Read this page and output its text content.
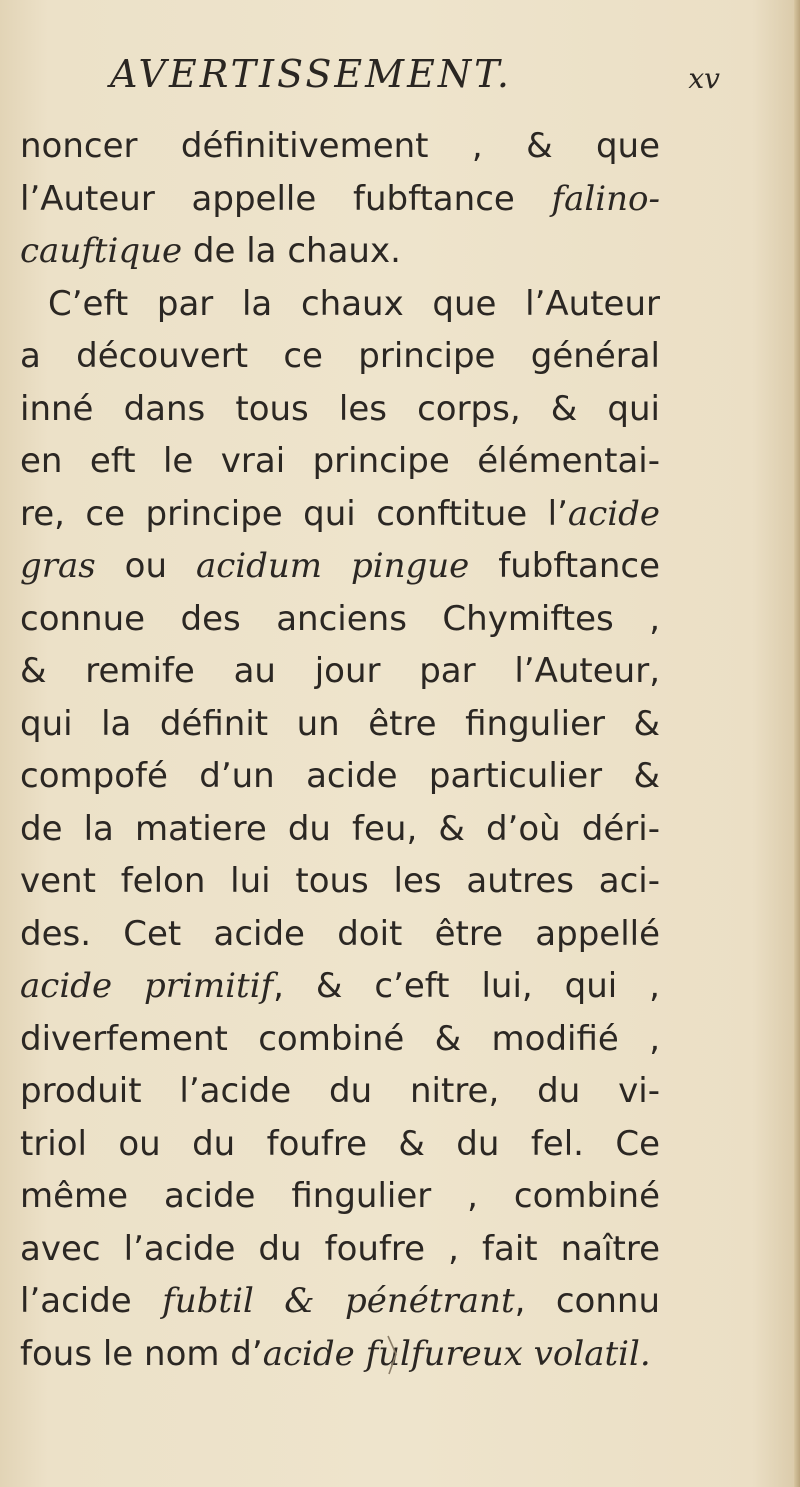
AVERTISSEMENT.	xv
noncer définitivement , & que
l’Auteur appelle fubftance falino-
cauftique de la chaux.
C’eft par la chaux que l’Auteur
a découvert ce principe général
inné dans tous les corps, & qui
en eft le vrai principe élémentai-
re, ce principe qui conftitue l’acide
gras ou acidum pingue fubftance
connue des anciens Chymiftes ,
& remife au jour par l’Auteur,
qui la définit un être fingulier &
compofé d’un acide particulier &
de la matiere du feu, & d’où déri-
vent felon lui tous les autres aci-
des. Cet acide doit être appellé
acide primitif, & c’eft lui, qui ,
diverfement combiné & modifié ,
produit l’acide du nitre, du vi-
triol ou du foufre & du fel. Ce
même acide fingulier , combiné
avec l’acide du foufre , fait naître
l’acide fubtil & pénétrant, connu
fous le nom d’acide fulfureux volatil.
